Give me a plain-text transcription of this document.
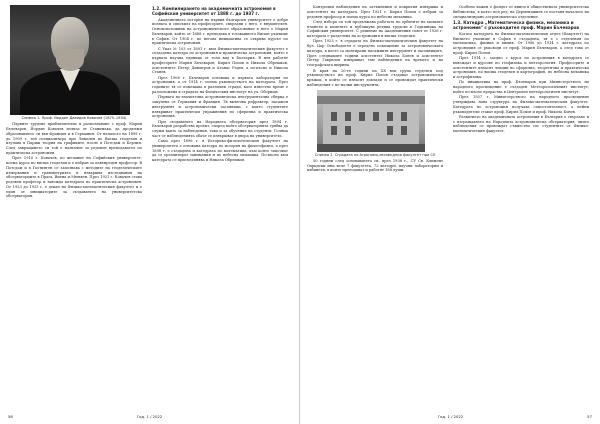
Снимка 1. Проф. Йордан Давидов Ковачев (1875–1934)

Първите трудове приблизително в разпознаване с проф. Марин Бъчеваров, Йордан Ковачев излиза от Станимака, да продължи образованието си във Франция и в Германия. От началото на 1899 г. до 1909 г. той специализира при Лимачев по Висша геодезия и изучава в Париж теория на графиките, после в Потсдам и Берлин. След завръщането си той е назначен за редовен преподавател по практическа астрономия.

През 1910 г. Ковачев, по желание на Софийския университет, поема курса по висша геодезия и е избран за извънреден професор. В Потсдам и в Гьотинген се запознава с методите на геодезическите измервания и гравиметрията и извършва изследвания на обсерваториите в Прага, Виена и Мюнхен. През 1921 г. Ковачев става редовен професор и завежда катедрата по практическа астрономия. От 1923 до 1925 г. е декан на Физико-математическия факултет и е един от инициаторите за създаването на университетска обсерватория.

1.2. Компилирането на академичната астрономия в Софийския университет от 1888 г. до 1937 г.

Академичната история на първия български университет е добре позната и списъкът на професорите, свързани с него, е внушителен. Основоположник на астрономическото образование в него е Марин Бъчеваров, който от 1888 г. преподава в тогавашното Висше училище в София. От 1904 г. по негова инициатива се открива курсът по практическа астрономия.

С Указ № 103 от 1891 г. към Физико-математическия факултет е създадена катедра по астрономия и практическа астрономия, която е първата научна единица от този вид в България. В нея работят професорите Марин Бъчеваров, Кирил Попов и Никола Обрешков, асистентите Петър Димитров и Атанас Радев, а по-късно и Никола Станев.

През 1906 г. Бъчеваров основава и първата лаборатория по астрономия, а от 1914 г. поема ръководството на катедрата. През годините тя се помещава в различни сгради, като известно време е разположена в сградата на Физическия институт на ул. Оборище.

Първата по-значителна астрономическа инструментална сбирка е закупена от Германия и Франция. Тя включва рефрактор, пасажен инструмент и астрономически часовници, с които студентите извършват практически упражнения по сферична и практическа астрономия.

При създаването на Народната обсерватория през 1894 г. Бъчеваров разработва проект, според който обсерваторията трябва да служи както за наблюдения, така и за обучение на студенти. Голяма част от наблюденията обаче се извършват в двора на университета.

Само през 1896 г. в Историко-филологическия факултет на университета е основана катедра по история на философията, а през 1898 г. е създадена и катедрата по математика, към която започват да се организират занимания и по небесна механика. По-късно към катедрата се присъединява и Никола Обрешков.

56	Год. 1 / 2022

Контролни наблюдения на затъмнения и покрития извършва и асистентът на катедрата. През 1921 г. Кирил Попов е избран за редовен професор и поема курса по небесна механика.

След избора си той продължава работата по орбитите на малките планети и кометите и публикува редица трудове в Годишника на Софийския университет. С решение на Академичния съвет от 1926 г. катедрата е разделена на астрономия и висша геодезия.

През 1923 г. в сградата на Физико-математическия факултет на бул. Цар Освободител е отредено помещение за астрономическата катедра, в което са монтирани пасажният инструмент и часовниците. През следващите години асистентът Никола Бонев и асистентът Петър Гаврилов извършват там наблюдения на времето и на географската ширина.

В края на 20-те години на XX век група студенти под ръководството на проф. Кирил Попов създават астрономически кръжок, в който се изнасят доклади и се провеждат практически наблюдения с по-малки инструменти.

Снимка 2. Сградата на Агрономо-лесовъдния факултет при СУ

50 години след основаването си, през 1938 г., СУ Св. Климент Охридски има вече 7 факултета, 72 катедри, научни лаборатории и кабинети, в които преподават и работят 188 души.

Особено важен е фондът от книги в обществената университетска библиотека, в която под ред. на Дерменджиев се поставя началото на специализирано астрономическо отделение.

1.3. Катедра „Математическа физика, механика и астрономия" с ръководител проф. Марин Бъчеваров

Когато катедрата по Физико-математическия отдел (Факултет) на Висшето училище в София е създадена, тя е с отделения по математика, физика и химия. От 1906 до 1914 г. катедрата по астрономия се ръководи от проф. Марин Бъчеваров, а след това от проф. Кирил Попов.

През 1914 г. заедно с курса по астрономия в катедрата се въвеждат и курсове по геофизика и метеорология. Професорите и асистентите изнасят лекции по сферична, теоретична и практическа астрономия, по висша геодезия и картография, по небесна механика и астрофизика.

По инициатива на проф. Бъчеваров при Министерството на народното просвещение е създаден Метеорологичният институт, който по-късно прераства в Централен метеорологичен институт.

През 1937 г. Министерството на народното просвещение утвърждава нова структура на Физико-математическия факултет. Катедрата по астрономия получава самостоятелност, а нейни ръководители стават проф. Кирил Попов и проф. Никола Бонев.

Развитието на академичната астрономия в България е свързано и с изграждането на Народната астрономическа обсерватория, чиито наблюдения се провеждат съвместно със студентите от Физико-математическия факултет.

Год. 1 / 2022	57
